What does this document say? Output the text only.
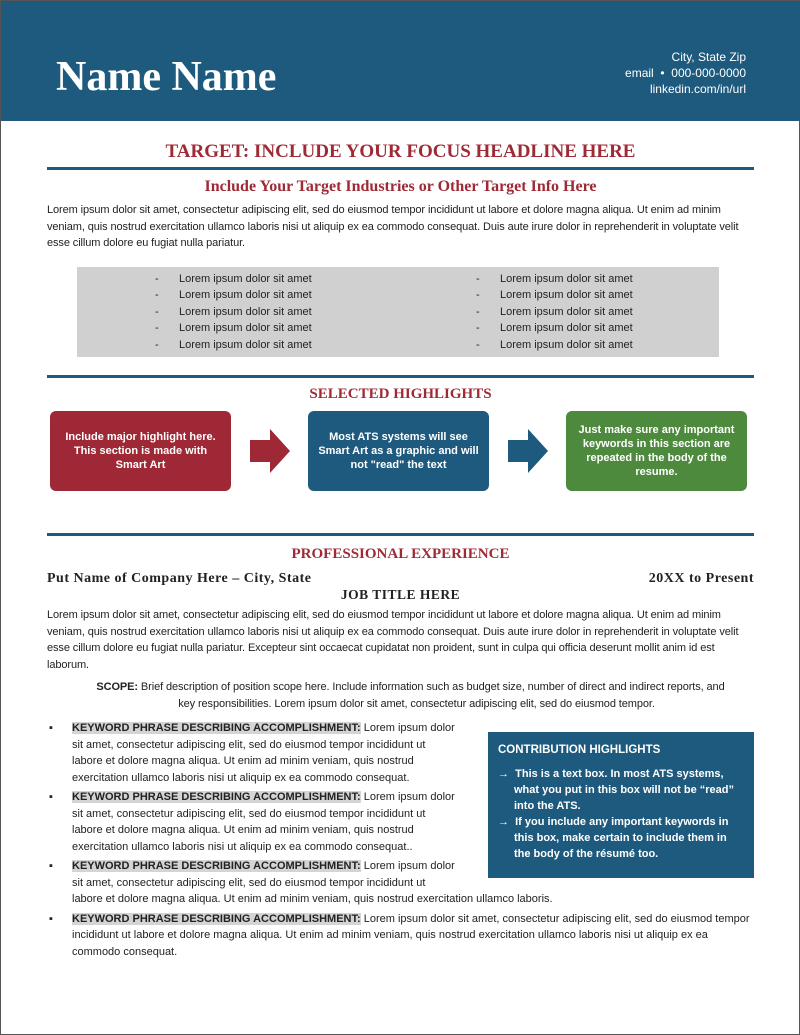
Name Name	City, State Zip
email • 000-000-0000
linkedin.com/in/url
TARGET: INCLUDE YOUR FOCUS HEADLINE HERE
Include Your Target Industries or Other Target Info Here

Lorem ipsum dolor sit amet, consectetur adipiscing elit, sed do eiusmod tempor incididunt ut labore et dolore magna aliqua. Ut enim ad minim veniam, quis nostrud exercitation ullamco laboris nisi ut aliquip ex ea commodo consequat. Duis aute irure dolor in reprehenderit in voluptate velit esse cillum dolore eu fugiat nulla pariatur.

- Lorem ipsum dolor sit amet
- Lorem ipsum dolor sit amet
- Lorem ipsum dolor sit amet
- Lorem ipsum dolor sit amet
- Lorem ipsum dolor sit amet
- Lorem ipsum dolor sit amet
- Lorem ipsum dolor sit amet
- Lorem ipsum dolor sit amet
- Lorem ipsum dolor sit amet
- Lorem ipsum dolor sit amet
SELECTED HIGHLIGHTS
Include major highlight here. This section is made with Smart Art
Most ATS systems will see Smart Art as a graphic and will not "read" the text
Just make sure any important keywords in this section are repeated in the body of the resume.
PROFESSIONAL EXPERIENCE
Put Name of Company Here – City, State	20XX to Present
JOB TITLE HERE

Lorem ipsum dolor sit amet, consectetur adipiscing elit, sed do eiusmod tempor incididunt ut labore et dolore magna aliqua. Ut enim ad minim veniam, quis nostrud exercitation ullamco laboris nisi ut aliquip ex ea commodo consequat. Duis aute irure dolor in reprehenderit in voluptate velit esse cillum dolore eu fugiat nulla pariatur. Excepteur sint occaecat cupidatat non proident, sunt in culpa qui officia deserunt mollit anim id est laborum.

SCOPE: Brief description of position scope here. Include information such as budget size, number of direct and indirect reports, and key responsibilities. Lorem ipsum dolor sit amet, consectetur adipiscing elit, sed do eiusmod tempor.

CONTRIBUTION HIGHLIGHTS
→ This is a text box. In most ATS systems, what you put in this box will not be “read” into the ATS.
→ If you include any important keywords in this box, make certain to include them in the body of the résumé too.
▪ KEYWORD PHRASE DESCRIBING ACCOMPLISHMENT: Lorem ipsum dolor sit amet, consectetur adipiscing elit, sed do eiusmod tempor incididunt ut labore et dolore magna aliqua. Ut enim ad minim veniam, quis nostrud exercitation ullamco laboris nisi ut aliquip ex ea commodo consequat.
▪ KEYWORD PHRASE DESCRIBING ACCOMPLISHMENT: Lorem ipsum dolor sit amet, consectetur adipiscing elit, sed do eiusmod tempor incididunt ut labore et dolore magna aliqua. Ut enim ad minim veniam, quis nostrud exercitation ullamco laboris nisi ut aliquip ex ea commodo consequat..
▪ KEYWORD PHRASE DESCRIBING ACCOMPLISHMENT: Lorem ipsum dolor sit amet, consectetur adipiscing elit, sed do eiusmod tempor incididunt ut labore et dolore magna aliqua. Ut enim ad minim veniam, quis nostrud exercitation ullamco laboris.
▪ KEYWORD PHRASE DESCRIBING ACCOMPLISHMENT: Lorem ipsum dolor sit amet, consectetur adipiscing elit, sed do eiusmod tempor incididunt ut labore et dolore magna aliqua. Ut enim ad minim veniam, quis nostrud exercitation ullamco laboris nisi ut aliquip ex ea commodo consequat.
